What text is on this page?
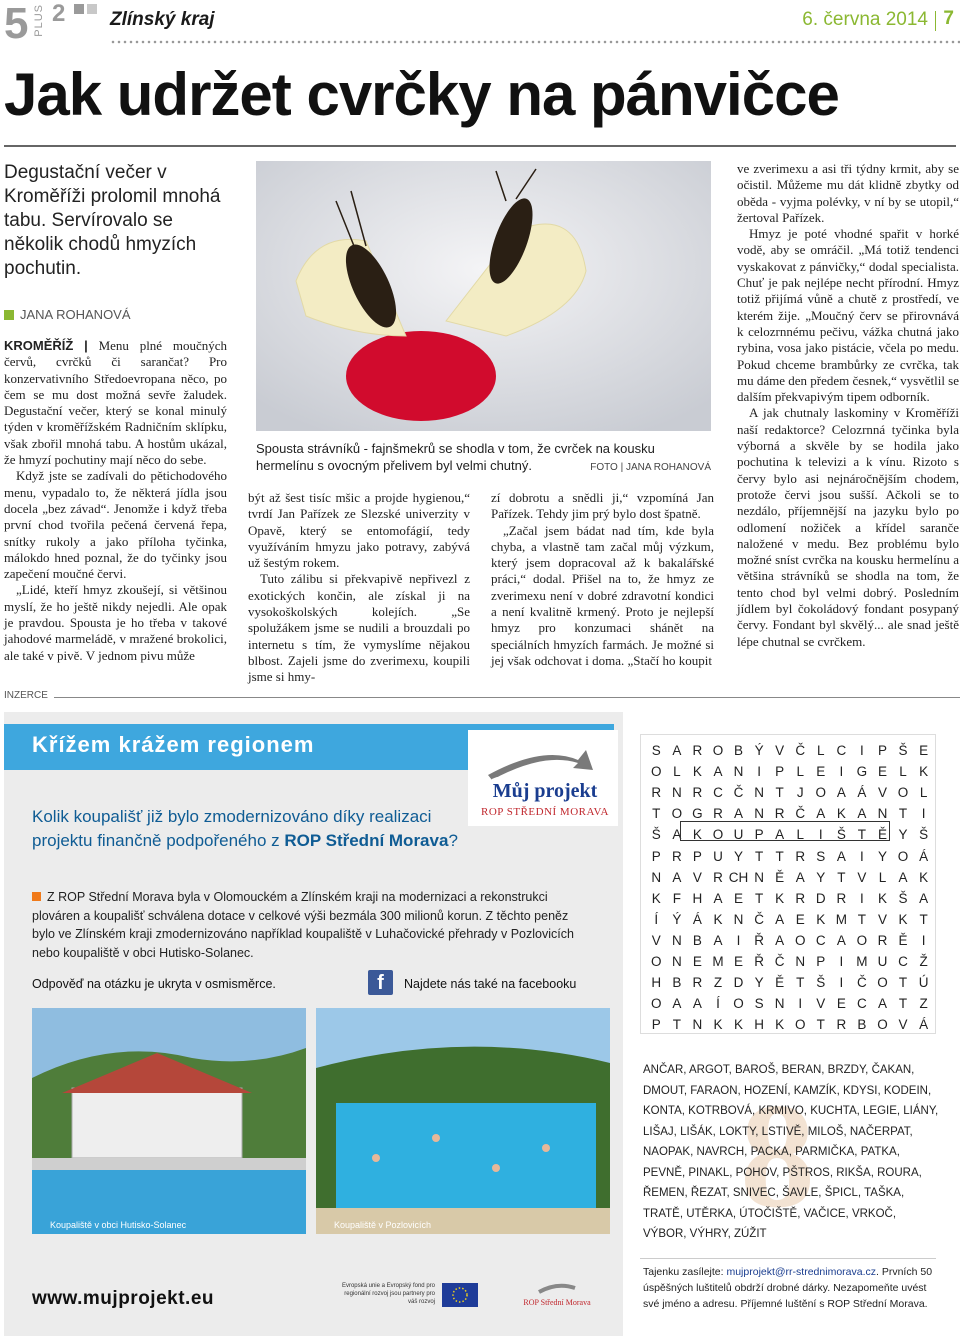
5 PLUS 2 Zlínský kraj	6. června 2014 7
Jak udržet cvrčky na pánvičce
Degustační večer v Kroměříži prolomil mnohá tabu. Servírovalo se několik chodů hmyzích pochutin.
JANA ROHANOVÁ

KROMĚŘÍŽ | Menu plné moučných červů, cvrčků či sarančat? Pro konzervativního Středoevropana něco, po čem se mu dost možná sevře žaludek. Degustační večer, který se konal minulý týden v kroměřížském Radničním sklípku, však zbořil mnohá tabu. A hostům ukázal, že hmyzí pochutiny mají něco do sebe.

Když jste se zadívali do pětichodového menu, vypadalo to, že některá jídla jsou docela „bez závad“. Jenomže i když třeba první chod tvořila pečená červená řepa, snítky rukoly a jako příloha tyčinka, málokdo hned poznal, že do tyčinky jsou zapečení moučné červi.

„Lidé, kteří hmyz zkoušejí, si většinou myslí, že ho ještě nikdy nejedli. Ale opak je pravdou. Spousta je ho třeba v takové jahodové marmeládě, v mražené brokolici, ale také v pivě. V jednom pivu může

Spousta strávníků - fajnšmekrů se shodla v tom, že cvrček na kousku hermelínu s ovocným přelivem byl velmi chutný.	FOTO | JANA ROHANOVÁ

být až šest tisíc mšic a projde hygienou,“ tvrdí Jan Pařízek ze Slezské univerzity v Opavě, který se entomofágií, tedy využíváním hmyzu jako potravy, zabývá už šestým rokem.

Tuto zálibu si překvapivě nepřivezl z exotických končin, ale získal ji na vysokoškolských kolejích. „Se spolužákem jsme se nudili a brouzdali po internetu s tím, že vymyslíme nějakou blbost. Zajeli jsme do zverimexu, koupili jsme si hmy-

zí dobrotu a snědli ji,“ vzpomíná Jan Pařízek. Tehdy jim prý bylo dost špatně.

„Začal jsem bádat nad tím, kde byla chyba, a vlastně tam začal můj výzkum, který jsem dopracoval až k bakalářské práci,“ dodal. Přišel na to, že hmyz ze zverimexu není v dobré zdravotní kondici a není kvalitně krmený. Proto je nejlepší hmyz pro konzumaci shánět na speciálních hmyzích farmách. Je možné si jej však odchovat i doma. „Stačí ho koupit

ve zverimexu a asi tři týdny krmit, aby se očistil. Můžeme mu dát klidně zbytky od oběda - vyjma polévky, v ní by se utopil,“ žertoval Pařízek.

Hmyz je poté vhodné spařit v horké vodě, aby se omráčil. „Má totiž tendenci vyskakovat z pánvičky,“ dodal specialista. Chuť je pak nejlépe necht přírodní. Hmyz totiž přijímá vůně a chutě z prostředí, ve kterém žije. „Moučný červ se přirovnává k celozrnnému pečivu, vážka chutná jako rybina, vosa jako pistácie, včela po medu. Pokud chceme brambůrky ze cvrčka, tak mu dáme den předem česnek,“ vysvětlil se dalším překvapivým tipem odborník.

A jak chutnaly laskominy v Kroměříži naší redaktorce? Celozrnná tyčinka byla výborná a skvěle by se hodila jako pochutina k televizi a k vínu. Rizoto s červy bylo asi nejnáročnějším chodem, protože červi jsou sušší. Ačkoli se to nezdálo, příjemnější na jazyku bylo po odlomení nožiček a křídel saranče naložené v medu. Bez problému bylo možné sníst cvrčka na kousku hermelínu a většina strávníků se shodla na tom, že tento chod byl velmi dobrý. Posledním jídlem byl čokoládový fondant posypaný červy. Fondant byl skvělý... ale snad ještě lépe chutnal se cvrčkem.

INZERCE
Křížem krážem regionem
Můj projekt
ROP STŘEDNÍ MORAVA
Kolik koupališť již bylo zmodernizováno díky realizaci projektu finančně podpořeného z ROP Střední Morava?
Z ROP Střední Morava byla v Olomouckém a Zlínském kraji na modernizaci a rekonstrukci plováren a koupališť schválena dotace v celkové výši bezmála 300 milionů korun. Z těchto peněz bylo ve Zlínském kraji zmodernizováno například koupaliště v Luhačovické přehrady v Pozlovicích nebo koupaliště v obci Hutisko-Solanec.
Odpověď na otázku je ukryta v osmisměrce.	f	Najdete nás také na facebooku
Koupaliště v obci Hutisko-Solanec	Koupaliště v Pozlovicích
www.mujprojekt.eu
Evropská unie a Evropský fond pro regionální rozvoj jsou partnery pro váš rozvoj	ROP Střední Morava
8
S	A	R	O	B	Ý	V	Č	L	C	I	P	Š	E
O	L	K	A	N	I	P	L	E	I	G	E	L	K
R	N	R	C	Č	N	T	J	O	A	Á	V	O	L
T	O	G	R	A	N	R	Č	A	K	A	N	T	I
Š	A	K	O	U	P	A	L	I	Š	T	Ě	Y	Š
P	R	P	U	Y	T	T	R	S	A	I	Y	O	Á
N	A	V	R	CH	N	Ě	A	Y	T	V	L	A	K
K	F	H	A	E	T	K	R	D	R	I	K	Š	A
Í	Ý	Á	K	N	Č	A	E	K	M	T	V	K	T
V	N	B	A	I	Ř	A	O	C	A	O	R	Ě	I
O	N	E	M	E	Ř	Č	N	P	I	M	U	C	Ž
H	B	R	Z	D	Y	Ě	T	Š	I	Č	O	T	Ú
O	A	A	Í	O	S	N	I	V	E	C	A	T	Z
P	T	N	K	K	H	K	O	T	R	B	O	V	Á
ANČAR, ARGOT, BAROŠ, BERAN, BRZDY, ČAKAN, DMOUT, FARAON, HOZENÍ, KAMZÍK, KDYSI, KODEIN, KONTA, KOTRBOVÁ, KRMIVO, KUCHTA, LEGIE, LIÁNY, LIŠAJ, LIŠÁK, LOKTY, LSTIVĚ, MILOŠ, NAČERPAT, NAOPAK, NAVRCH, PACKA, PARMIČKA, PATKA, PEVNĚ, PINAKL, POHOV, PŠTROS, RIKŠA, ROURA, ŘEMEN, ŘEZAT, SNIVEC, ŠAVLE, ŠPICL, TAŠKA, TRATĚ, UTĚRKA, ÚTOČIŠTĚ, VAČICE, VRKOČ, VÝBOR, VÝHRY, ZÚŽIT
Tajenku zasílejte: mujprojekt@rr-strednimorava.cz. Prvních 50 úspěšných luštitelů obdrží drobné dárky. Nezapomeňte uvést své jméno a adresu. Příjemné luštění s ROP Střední Morava.
